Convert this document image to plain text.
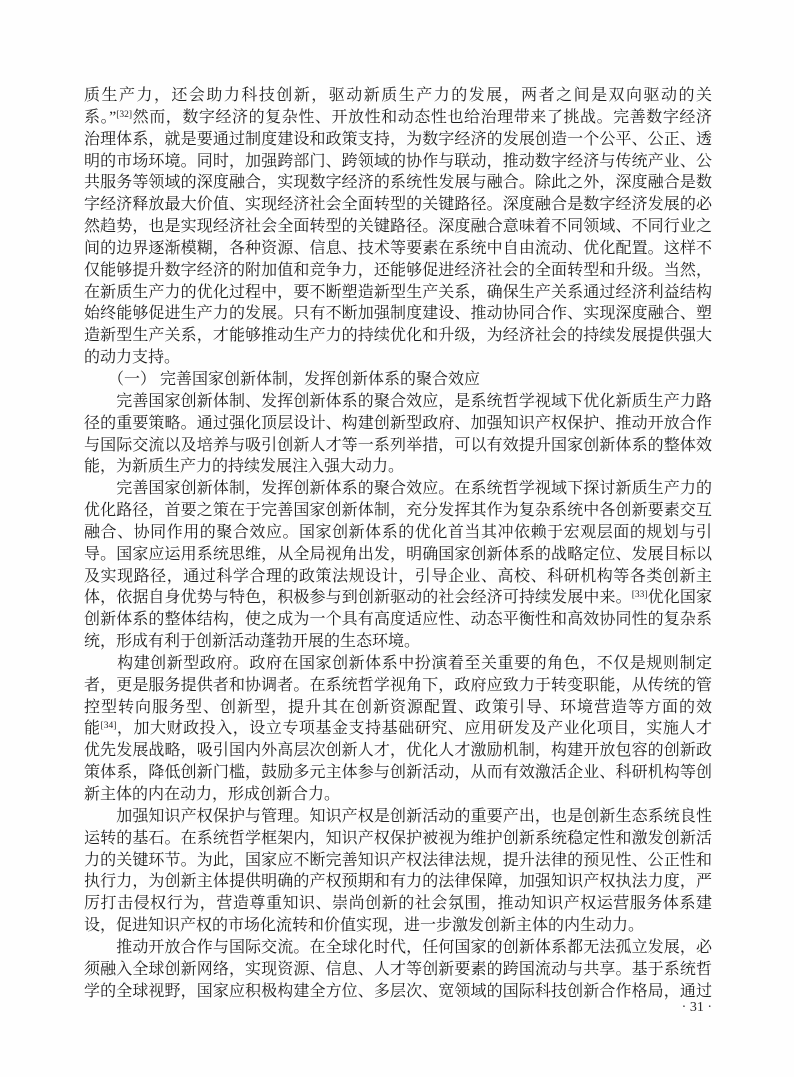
质生产力，还会助力科技创新，驱动新质生产力的发展，两者之间是双向驱动的关
系。”[32]然而，数字经济的复杂性、开放性和动态性也给治理带来了挑战。完善数字经济
治理体系，就是要通过制度建设和政策支持，为数字经济的发展创造一个公平、公正、透
明的市场环境。同时，加强跨部门、跨领域的协作与联动，推动数字经济与传统产业、公
共服务等领域的深度融合，实现数字经济的系统性发展与融合。除此之外，深度融合是数
字经济释放最大价值、实现经济社会全面转型的关键路径。深度融合是数字经济发展的必
然趋势，也是实现经济社会全面转型的关键路径。深度融合意味着不同领域、不同行业之
间的边界逐渐模糊，各种资源、信息、技术等要素在系统中自由流动、优化配置。这样不
仅能够提升数字经济的附加值和竞争力，还能够促进经济社会的全面转型和升级。当然，
在新质生产力的优化过程中，要不断塑造新型生产关系，确保生产关系通过经济利益结构
始终能够促进生产力的发展。只有不断加强制度建设、推动协同合作、实现深度融合、塑
造新型生产关系，才能够推动生产力的持续优化和升级，为经济社会的持续发展提供强大
的动力支持。
　　（一） 完善国家创新体制，发挥创新体系的聚合效应
　　完善国家创新体制、发挥创新体系的聚合效应，是系统哲学视域下优化新质生产力路
径的重要策略。通过强化顶层设计、构建创新型政府、加强知识产权保护、推动开放合作
与国际交流以及培养与吸引创新人才等一系列举措，可以有效提升国家创新体系的整体效
能，为新质生产力的持续发展注入强大动力。
　　完善国家创新体制，发挥创新体系的聚合效应。在系统哲学视域下探讨新质生产力的
优化路径，首要之策在于完善国家创新体制，充分发挥其作为复杂系统中各创新要素交互
融合、协同作用的聚合效应。国家创新体系的优化首当其冲依赖于宏观层面的规划与引
导。国家应运用系统思维，从全局视角出发，明确国家创新体系的战略定位、发展目标以
及实现路径，通过科学合理的政策法规设计，引导企业、高校、科研机构等各类创新主
体，依据自身优势与特色，积极参与到创新驱动的社会经济可持续发展中来。[33]优化国家
创新体系的整体结构，使之成为一个具有高度适应性、动态平衡性和高效协同性的复杂系
统，形成有利于创新活动蓬勃开展的生态环境。
　　构建创新型政府。政府在国家创新体系中扮演着至关重要的角色，不仅是规则制定
者，更是服务提供者和协调者。在系统哲学视角下，政府应致力于转变职能，从传统的管
控型转向服务型、创新型，提升其在创新资源配置、政策引导、环境营造等方面的效
能[34]，加大财政投入，设立专项基金支持基础研究、应用研发及产业化项目，实施人才
优先发展战略，吸引国内外高层次创新人才，优化人才激励机制，构建开放包容的创新政
策体系，降低创新门槛，鼓励多元主体参与创新活动，从而有效激活企业、科研机构等创
新主体的内在动力，形成创新合力。
　　加强知识产权保护与管理。知识产权是创新活动的重要产出，也是创新生态系统良性
运转的基石。在系统哲学框架内，知识产权保护被视为维护创新系统稳定性和激发创新活
力的关键环节。为此，国家应不断完善知识产权法律法规，提升法律的预见性、公正性和
执行力，为创新主体提供明确的产权预期和有力的法律保障，加强知识产权执法力度，严
厉打击侵权行为，营造尊重知识、崇尚创新的社会氛围，推动知识产权运营服务体系建
设，促进知识产权的市场化流转和价值实现，进一步激发创新主体的内生动力。
　　推动开放合作与国际交流。在全球化时代，任何国家的创新体系都无法孤立发展，必
须融入全球创新网络，实现资源、信息、人才等创新要素的跨国流动与共享。基于系统哲
学的全球视野，国家应积极构建全方位、多层次、宽领域的国际科技创新合作格局，通过
· 31 ·
